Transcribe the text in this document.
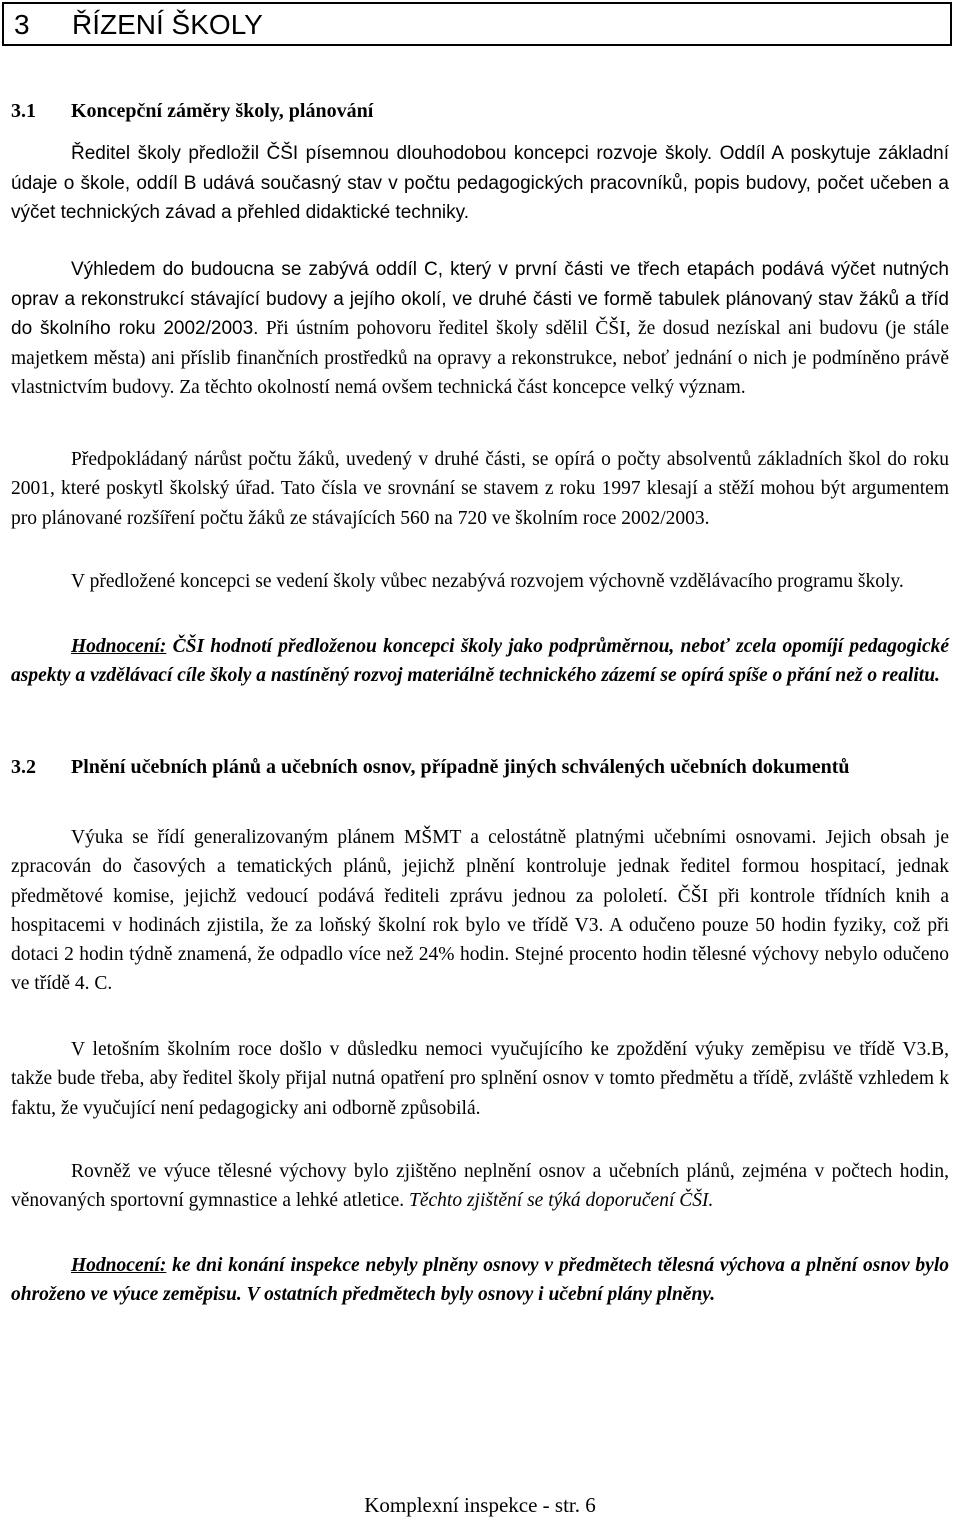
3 ŘÍZENÍ ŠKOLY
3.1 Koncepční záměry školy, plánování

Ředitel školy předložil ČŠI písemnou dlouhodobou koncepci rozvoje školy. Oddíl A poskytuje základní údaje o škole, oddíl B udává současný stav v počtu pedagogických pracovníků, popis budovy, počet učeben a výčet technických závad a přehled didaktické techniky.

Výhledem do budoucna se zabývá oddíl C, který v první části ve třech etapách podává výčet nutných oprav a rekonstrukcí stávající budovy a jejího okolí, ve druhé části ve formě tabulek plánovaný stav žáků a tříd do školního roku 2002/2003. Při ústním pohovoru ředitel školy sdělil ČŠI, že dosud nezískal ani budovu (je stále majetkem města) ani příslib finančních prostředků na opravy a rekonstrukce, neboť jednání o nich je podmíněno právě vlastnictvím budovy. Za těchto okolností nemá ovšem technická část koncepce velký význam.

Předpokládaný nárůst počtu žáků, uvedený v druhé části, se opírá o počty absolventů základních škol do roku 2001, které poskytl školský úřad. Tato čísla ve srovnání se stavem z roku 1997 klesají a stěží mohou být argumentem pro plánované rozšíření počtu žáků ze stávajících 560 na 720 ve školním roce 2002/2003.

V předložené koncepci se vedení školy vůbec nezabývá rozvojem výchovně vzdělávacího programu školy.

Hodnocení: ČŠI hodnotí předloženou koncepci školy jako podprůměrnou, neboť zcela opomíjí pedagogické aspekty a vzdělávací cíle školy a nastíněný rozvoj materiálně technického zázemí se opírá spíše o přání než o realitu.

3.2 Plnění učebních plánů a učebních osnov, případně jiných schválených učebních dokumentů

Výuka se řídí generalizovaným plánem MŠMT a celostátně platnými učebními osnovami. Jejich obsah je zpracován do časových a tematických plánů, jejichž plnění kontroluje jednak ředitel formou hospitací, jednak předmětové komise, jejichž vedoucí podává řediteli zprávu jednou za pololetí. ČŠI při kontrole třídních knih a hospitacemi v hodinách zjistila, že za loňský školní rok bylo ve třídě V3. A odučeno pouze 50 hodin fyziky, což při dotaci 2 hodin týdně znamená, že odpadlo více než 24% hodin. Stejné procento hodin tělesné výchovy nebylo odučeno ve třídě 4. C.

V letošním školním roce došlo v důsledku nemoci vyučujícího ke zpoždění výuky zeměpisu ve třídě V3.B, takže bude třeba, aby ředitel školy přijal nutná opatření pro splnění osnov v tomto předmětu a třídě, zvláště vzhledem k faktu, že vyučující není pedagogicky ani odborně způsobilá.

Rovněž ve výuce tělesné výchovy bylo zjištěno neplnění osnov a učebních plánů, zejména v počtech hodin, věnovaných sportovní gymnastice a lehké atletice. Těchto zjištění se týká doporučení ČŠI.

Hodnocení: ke dni konání inspekce nebyly plněny osnovy v předmětech tělesná výchova a plnění osnov bylo ohroženo ve výuce zeměpisu. V ostatních předmětech byly osnovy i učební plány plněny.

Komplexní inspekce - str. 6
